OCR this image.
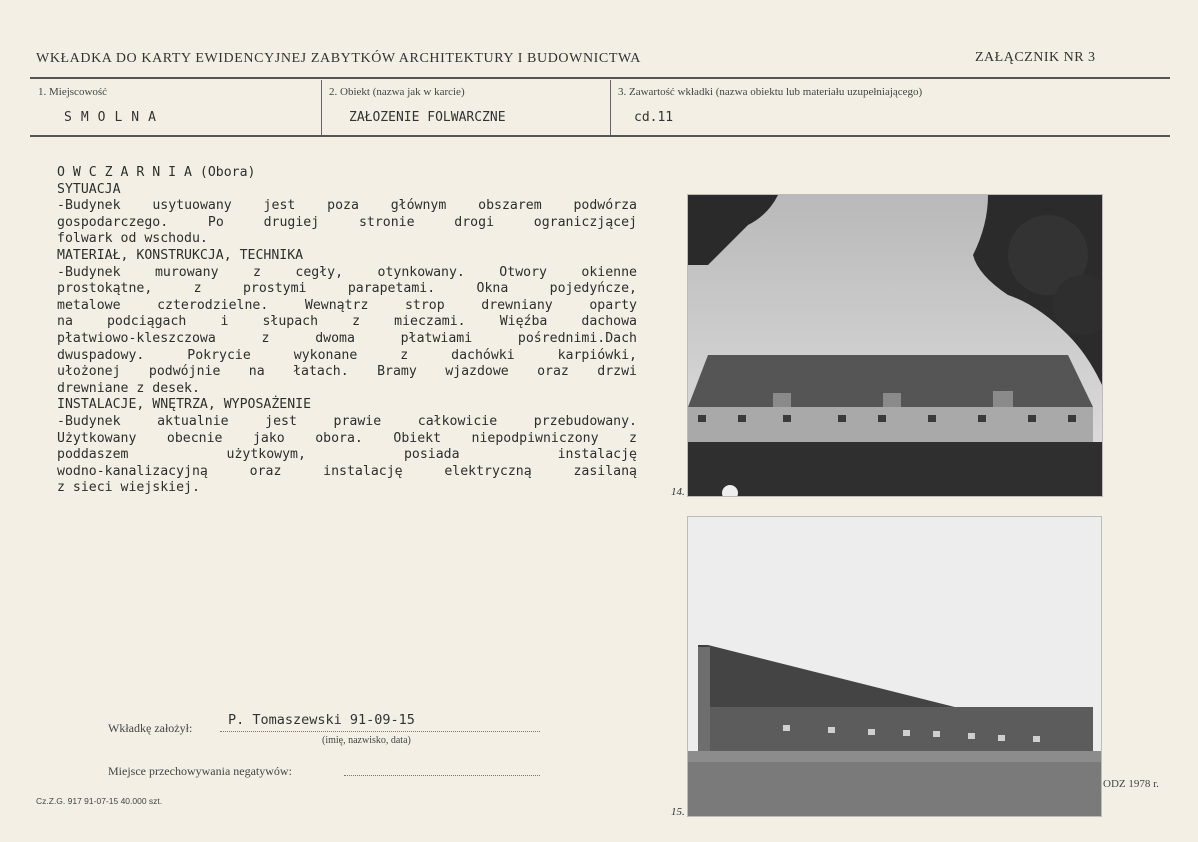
WKŁADKA DO KARTY EWIDENCYJNEJ ZABYTKÓW ARCHITEKTURY I BUDOWNICTWA	ZAŁĄCZNIK NR 3
1. Miejscowość
SMOLNA
2. Obiekt (nazwa jak w karcie)
ZAŁOZENIE FOLWARCZNE
3. Zawartość wkładki (nazwa obiektu lub materiału uzupełniającego)
cd.11
O W C Z A R N I A (Obora)
SYTUACJA
-Budynek usytuowany jest poza głównym obszarem podwórza
gospodarczego. Po drugiej stronie drogi ograniczjącej
folwark od wschodu.
MATERIAŁ, KONSTRUKCJA, TECHNIKA
-Budynek murowany z cegły, otynkowany. Otwory okienne
prostokątne, z prostymi parapetami. Okna pojedyńcze,
metalowe czterodzielne. Wewnątrz strop drewniany oparty
na podciągach i słupach z mieczami. Więźba dachowa
płatwiowo-kleszczowa z dwoma płatwiami pośrednimi.Dach
dwuspadowy. Pokrycie wykonane z dachówki karpiówki,
ułożonej podwójnie na łatach. Bramy wjazdowe oraz drzwi
drewniane z desek.
INSTALACJE, WNĘTRZA, WYPOSAŻENIE
-Budynek aktualnie jest prawie całkowicie przebudowany.
Użytkowany obecnie jako obora. Obiekt niepodpiwniczony z
poddaszem użytkowym, posiada instalację
wodno-kanalizacyjną oraz instalację elektryczną zasilaną
z sieci wiejskiej.	14.
15.
Wkładkę założył:	P. Tomaszewski 91-09-15
(imię, nazwisko, data)
Miejsce przechowywania negatywów:
Cz.Z.G. 917 91-07-15 40.000 szt.
ODZ 1978 r.
